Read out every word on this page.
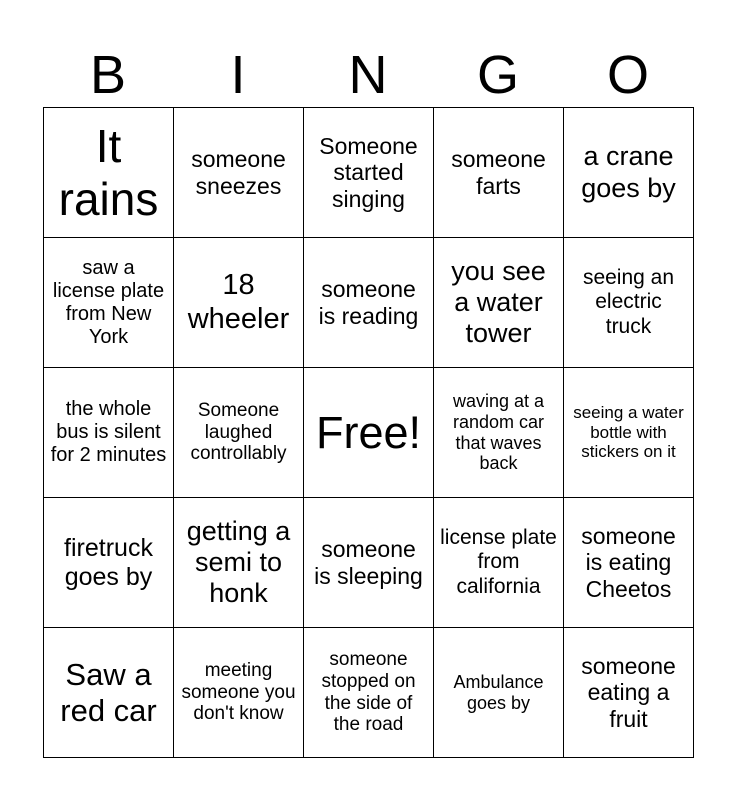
B	I	N	G	O
It rains	someone sneezes	Someone started singing	someone farts	a crane goes by
saw a license plate from New York	18 wheeler	someone is reading	you see a water tower	seeing an electric truck
the whole bus is silent for 2 minutes	Someone laughed controllably	Free!	waving at a random car that waves back	seeing a water bottle with stickers on it
firetruck goes by	getting a semi to honk	someone is sleeping	license plate from california	someone is eating Cheetos
Saw a red car	meeting someone you don't know	someone stopped on the side of the road	Ambulance goes by	someone eating a fruit
